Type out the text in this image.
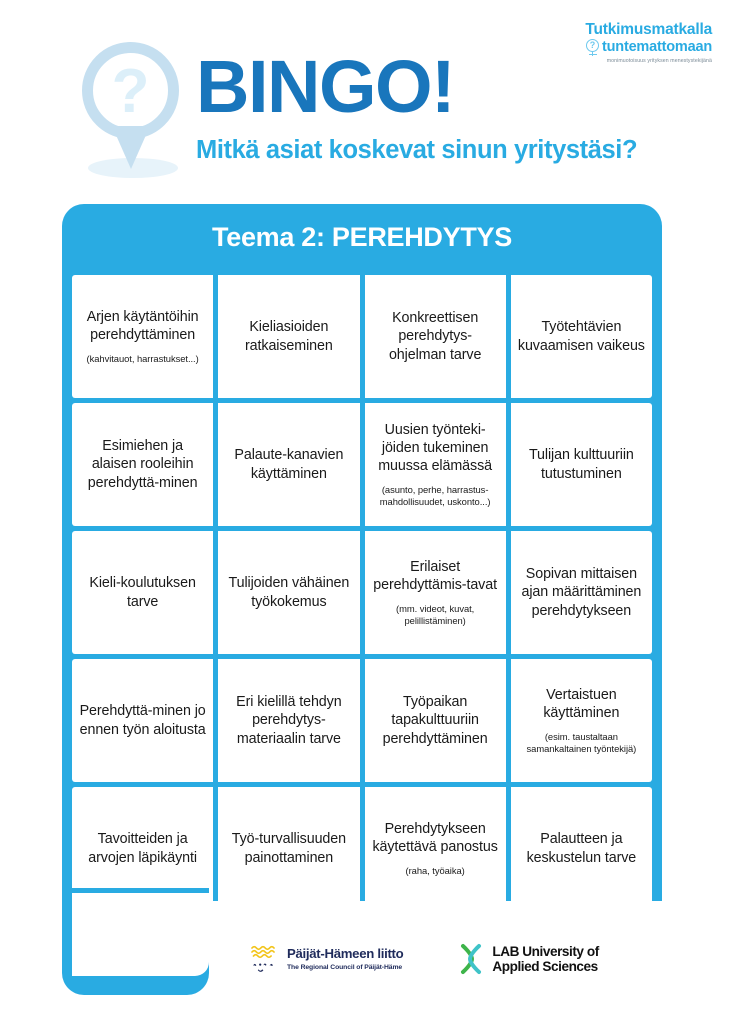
Tutkimusmatkalla
? tuntemattomaan
monimuotoisuus yrityksen menestystekijänä
? BINGO!
Mitkä asiat koskevat sinun yritystäsi?
Teema 2: PEREHDYTYS
Arjen käytäntöihin perehdyttäminen
(kahvitauot, harrastukset...)
Kieliasioiden ratkaiseminen
Konkreettisen perehdytys-ohjelman tarve
Työtehtävien kuvaamisen vaikeus
Esimiehen ja alaisen rooleihin perehdyttä-minen
Palaute-kanavien käyttäminen
Uusien työnteki-jöiden tukeminen muussa elämässä
(asunto, perhe, harrastus-mahdollisuudet, uskonto...)
Tulijan kulttuuriin tutustuminen
Kieli-koulutuksen tarve
Tulijoiden vähäinen työkokemus
Erilaiset perehdyttämis-tavat
(mm. videot, kuvat, pelillistäminen)
Sopivan mittaisen ajan määrittäminen perehdytykseen
Perehdyttä-minen jo ennen työn aloitusta
Eri kielillä tehdyn perehdytys-materiaalin tarve
Työpaikan tapakulttuuriin perehdyttäminen
Vertaistuen käyttäminen
(esim. taustaltaan samankaltainen työntekijä)
Tavoitteiden ja arvojen läpikäynti
Työ-turvallisuuden painottaminen
Perehdytykseen käytettävä panostus
(raha, työaika)
Palautteen ja keskustelun tarve
Päijät-Hämeen liitto
The Regional Council of Päijät-Häme
LAB University of
Applied Sciences
